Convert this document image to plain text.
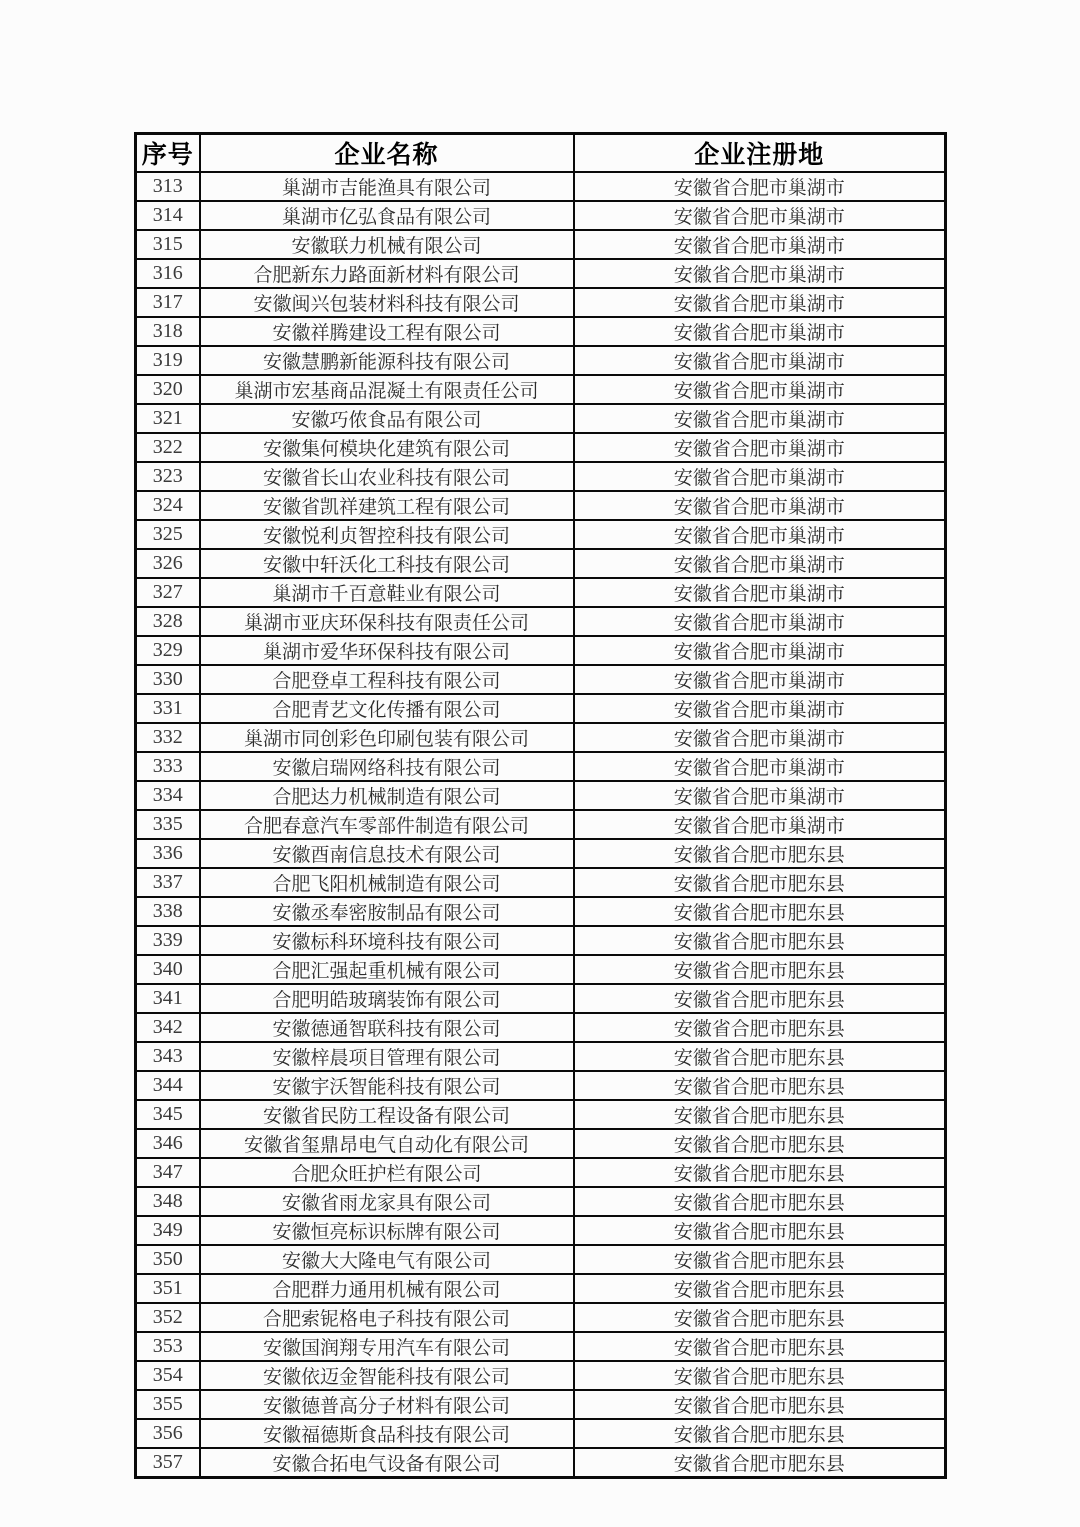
序号	企业名称	企业注册地
313	巢湖市吉能渔具有限公司	安徽省合肥市巢湖市
314	巢湖市亿弘食品有限公司	安徽省合肥市巢湖市
315	安徽联力机械有限公司	安徽省合肥市巢湖市
316	合肥新东力路面新材料有限公司	安徽省合肥市巢湖市
317	安徽闽兴包装材料科技有限公司	安徽省合肥市巢湖市
318	安徽祥腾建设工程有限公司	安徽省合肥市巢湖市
319	安徽慧鹏新能源科技有限公司	安徽省合肥市巢湖市
320	巢湖市宏基商品混凝土有限责任公司	安徽省合肥市巢湖市
321	安徽巧侬食品有限公司	安徽省合肥市巢湖市
322	安徽集何模块化建筑有限公司	安徽省合肥市巢湖市
323	安徽省长山农业科技有限公司	安徽省合肥市巢湖市
324	安徽省凯祥建筑工程有限公司	安徽省合肥市巢湖市
325	安徽悦利贞智控科技有限公司	安徽省合肥市巢湖市
326	安徽中轩沃化工科技有限公司	安徽省合肥市巢湖市
327	巢湖市千百意鞋业有限公司	安徽省合肥市巢湖市
328	巢湖市亚庆环保科技有限责任公司	安徽省合肥市巢湖市
329	巢湖市爱华环保科技有限公司	安徽省合肥市巢湖市
330	合肥登卓工程科技有限公司	安徽省合肥市巢湖市
331	合肥青艺文化传播有限公司	安徽省合肥市巢湖市
332	巢湖市同创彩色印刷包装有限公司	安徽省合肥市巢湖市
333	安徽启瑞网络科技有限公司	安徽省合肥市巢湖市
334	合肥达力机械制造有限公司	安徽省合肥市巢湖市
335	合肥春意汽车零部件制造有限公司	安徽省合肥市巢湖市
336	安徽酉南信息技术有限公司	安徽省合肥市肥东县
337	合肥飞阳机械制造有限公司	安徽省合肥市肥东县
338	安徽丞奉密胺制品有限公司	安徽省合肥市肥东县
339	安徽标科环境科技有限公司	安徽省合肥市肥东县
340	合肥汇强起重机械有限公司	安徽省合肥市肥东县
341	合肥明皓玻璃装饰有限公司	安徽省合肥市肥东县
342	安徽德通智联科技有限公司	安徽省合肥市肥东县
343	安徽梓晨项目管理有限公司	安徽省合肥市肥东县
344	安徽宇沃智能科技有限公司	安徽省合肥市肥东县
345	安徽省民防工程设备有限公司	安徽省合肥市肥东县
346	安徽省玺鼎昂电气自动化有限公司	安徽省合肥市肥东县
347	合肥众旺护栏有限公司	安徽省合肥市肥东县
348	安徽省雨龙家具有限公司	安徽省合肥市肥东县
349	安徽恒亮标识标牌有限公司	安徽省合肥市肥东县
350	安徽大大隆电气有限公司	安徽省合肥市肥东县
351	合肥群力通用机械有限公司	安徽省合肥市肥东县
352	合肥索铌格电子科技有限公司	安徽省合肥市肥东县
353	安徽国润翔专用汽车有限公司	安徽省合肥市肥东县
354	安徽依迈金智能科技有限公司	安徽省合肥市肥东县
355	安徽德普高分子材料有限公司	安徽省合肥市肥东县
356	安徽福德斯食品科技有限公司	安徽省合肥市肥东县
357	安徽合拓电气设备有限公司	安徽省合肥市肥东县
